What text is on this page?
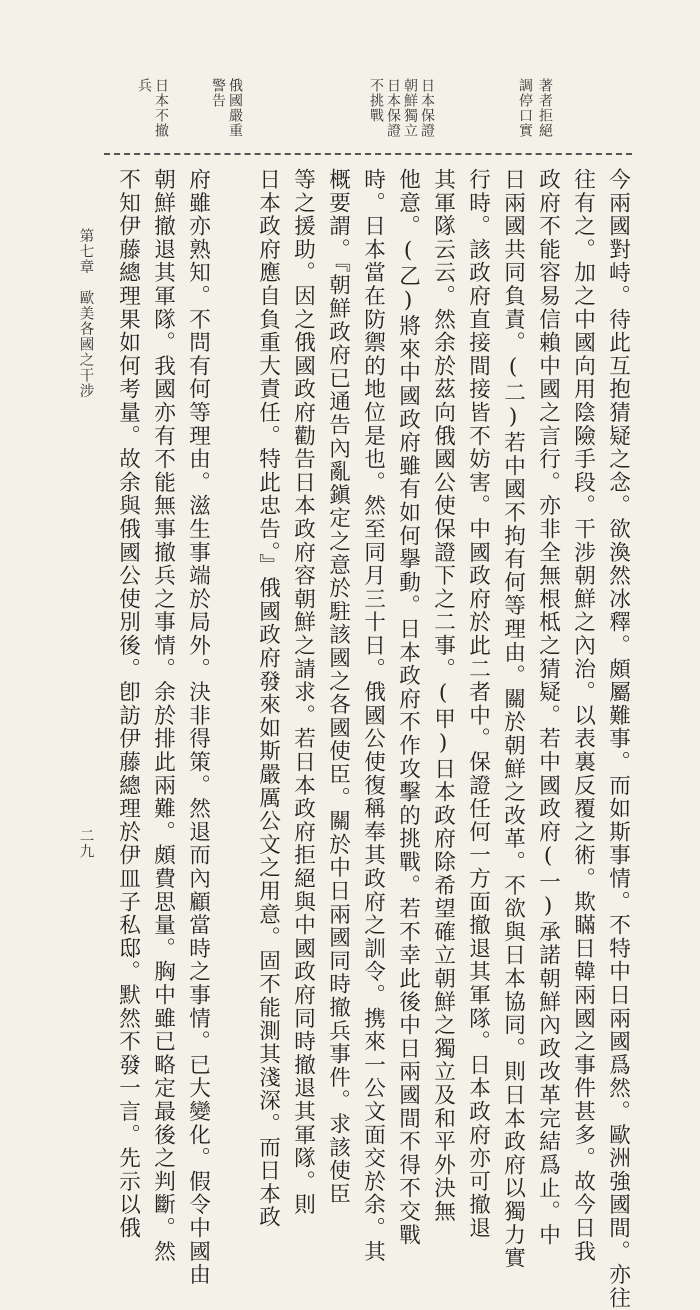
著者拒絕
調停口實
日本保證
朝鮮獨立
日本保證
不挑戰
俄國嚴重
警告
日本不撤
兵
今兩國對峙。待此互抱猜疑之念。欲渙然冰釋。頗屬難事。而如斯事情。不特中日兩國爲然。歐洲強國間。亦往
往有之。加之中國向用陰險手段。干涉朝鮮之內治。以表裏反覆之術。欺瞞日韓兩國之事件甚多。故今日我
政府不能容易信賴中國之言行。亦非全無根柢之猜疑。若中國政府(一)承諾朝鮮內政改革完結爲止。中
日兩國共同負責。(二)若中國不拘有何等理由。關於朝鮮之改革。不欲與日本協同。則日本政府以獨力實
行時。該政府直接間接皆不妨害。中國政府於此二者中。保證任何一方面撤退其軍隊。日本政府亦可撤退
其軍隊云云。然余於茲向俄國公使保證下之二事。(甲)日本政府除希望確立朝鮮之獨立及和平外決無
他意。(乙)將來中國政府雖有如何擧動。日本政府不作攻擊的挑戰。若不幸此後中日兩國間不得不交戰
時。日本當在防禦的地位是也。然至同月三十日。俄國公使復稱奉其政府之訓令。携來一公文面交於余。其
概要謂。『朝鮮政府已通告內亂鎭定之意於駐該國之各國使臣。關於中日兩國同時撤兵事件。求該使臣
等之援助。因之俄國政府勸告日本政府容朝鮮之請求。若日本政府拒絕與中國政府同時撤退其軍隊。則
日本政府應自負重大責任。特此忠告。』俄國政府發來如斯嚴厲公文之用意。固不能測其淺深。而日本政
府雖亦熟知。不問有何等理由。滋生事端於局外。決非得策。然退而內顧當時之事情。已大變化。假令中國由
朝鮮撤退其軍隊。我國亦有不能無事撤兵之事情。余於排此兩難。頗費思量。胸中雖已略定最後之判斷。然
不知伊藤總理果如何考量。故余與俄國公使別後。卽訪伊藤總理於伊皿子私邸。默然不發一言。先示以俄
第七章　歐美各國之干涉
二九
